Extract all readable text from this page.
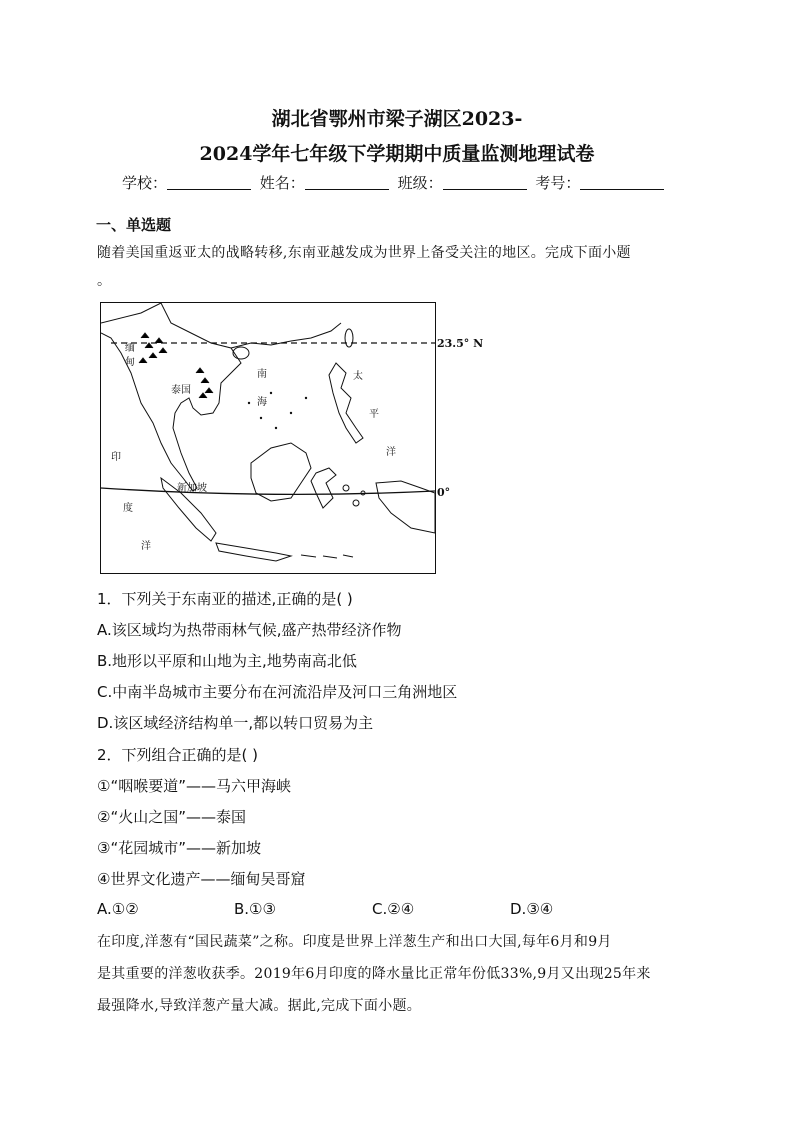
湖北省鄂州市梁子湖区2023-
2024学年七年级下学期期中质量监测地理试卷
学校：	姓名：	班级：	考号：
一、单选题
随着美国重返亚太的战略转移,东南亚越发成为世界上备受关注的地区。完成下面小题
。
缅
甸
泰国
南
海
太
平
洋
印
度
洋
新加坡
23.5° N
0°
1．下列关于东南亚的描述,正确的是( )
A.该区域均为热带雨林气候,盛产热带经济作物
B.地形以平原和山地为主,地势南高北低
C.中南半岛城市主要分布在河流沿岸及河口三角洲地区
D.该区域经济结构单一,都以转口贸易为主
2．下列组合正确的是( )
①“咽喉要道”——马六甲海峡
②“火山之国”——泰国
③“花园城市”——新加坡
④世界文化遗产——缅甸吴哥窟
A.①②	B.①③	C.②④	D.③④
在印度,洋葱有“国民蔬菜”之称。印度是世界上洋葱生产和出口大国,每年6月和9月
是其重要的洋葱收获季。2019年6月印度的降水量比正常年份低33%,9月又出现25年来
最强降水,导致洋葱产量大减。据此,完成下面小题。
